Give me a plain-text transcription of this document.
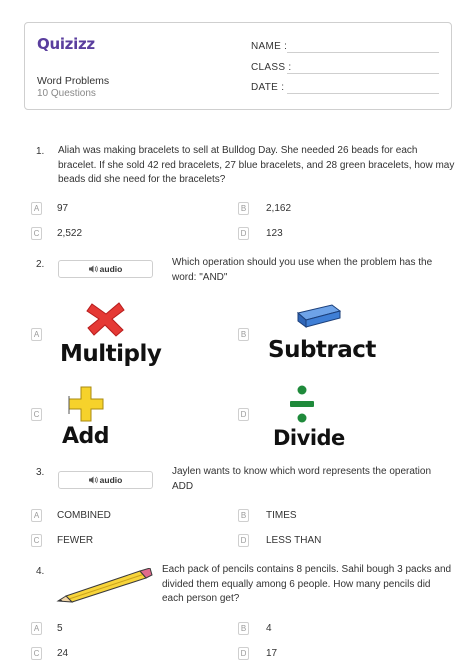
Quizizz
Word Problems
10 Questions
NAME :
CLASS :
DATE :
1. Aliah was making bracelets to sell at Bulldog Day. She needed 26 beads for each
bracelet. If she sold 42 red bracelets, 27 blue bracelets, and 28 green bracelets, how may
beads did she need for the bracelets?
A 97	B 2,162
C 2,522	D 123
2.	audio
Which operation should you use when the problem has the
word: "AND"
A
Multiply
B
Subtract
C
Add
D
Divide
3.
audio
Jaylen wants to know which word represents the operation
ADD
A COMBINED	B TIMES
C FEWER	D LESS THAN
4.	Each pack of pencils contains 8 pencils. Sahil bough 3 packs and
divided them equally among 6 people. How many pencils did
each person get?
A 5	B 4
C 24	D 17
